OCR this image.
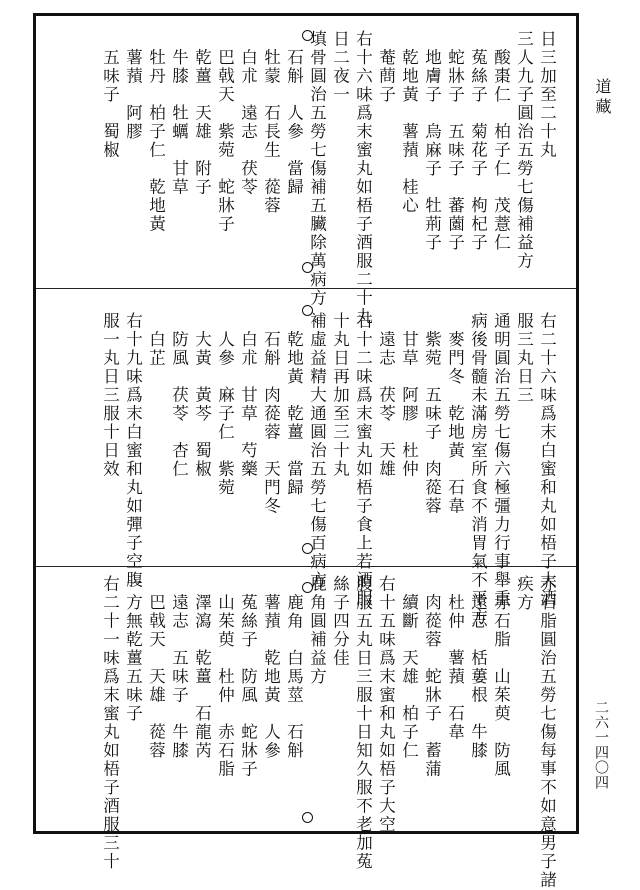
道藏
二六一四〇四
日三加至二十丸
三人九子圓治五勞七傷補益方
　酸棗仁　柏子仁　茂薏仁
　菟絲子　菊花子　枸杞子
　蛇牀子　五味子　蕃薗子
　地膚子　烏麻子　牡荊子
　乾地黃　薯蕷　桂心
　菴蔄子
右十六味爲末蜜丸如梧子酒服二十丸
日二夜一
填骨圓治五勞七傷補五臟除萬病方
　石斛　人參　當歸
　牡蒙　石長生　蓯蓉
　白朮　遠志　茯苓
　巴戟天　紫菀　蛇牀子
　乾薑　天雄　附子
　牛膝　牡蠣　甘草
　牡丹　柏子仁　乾地黃
　薯蕷　阿膠
　五味子　蜀椒
右二十六味爲末白蜜和丸如梧子大酒
服三丸日三
通明圓治五勞七傷六極彊力行事舉重
病後骨髓未滿房室所食不消胃氣不平方
　麥門冬　乾地黃　石韋
　紫菀　五味子　肉蓯蓉
　甘草　阿膠　杜仲
　遠志　茯苓　天雄
右十二味爲末蜜丸如梧子食上若酒服
十丸日再加至三十丸
補虛益精大通圓治五勞七傷百病方
　乾地黃　乾薑　當歸
　石斛　肉蓯蓉　天門冬
　白朮　甘草　芍藥
　人參　麻子仁　紫菀
　大黃　黃芩　蜀椒
　防風　茯苓　杏仁
　白芷
右十九味爲末白蜜和丸如彈子空腹
服一丸日三服十日效
赤石脂圓治五勞七傷每事不如意男子諸
疾方
　赤石脂　山茱萸　防風
　遠志　栝蔞根　牛膝
　杜仲　薯蕷　石韋
　肉蓯蓉　蛇牀子　蓄蒲
　續斷　天雄　柏子仁
右十五味爲末蜜和丸如梧子大空
腹服五丸日三服十日知久服不老加菟
絲子四分佳
鹿角圓補益方
　鹿角　白馬莖　石斛
　薯蕷　乾地黃　人參
　菟絲子　防風　蛇牀子
　山茱萸　杜仲　赤石脂
　澤瀉　乾薑　石龍芮
　遠志　五味子　牛膝
　巴戟天　天雄　蓯蓉
一方無乾薑五味子
右二十一味爲末蜜丸如梧子酒服三十
